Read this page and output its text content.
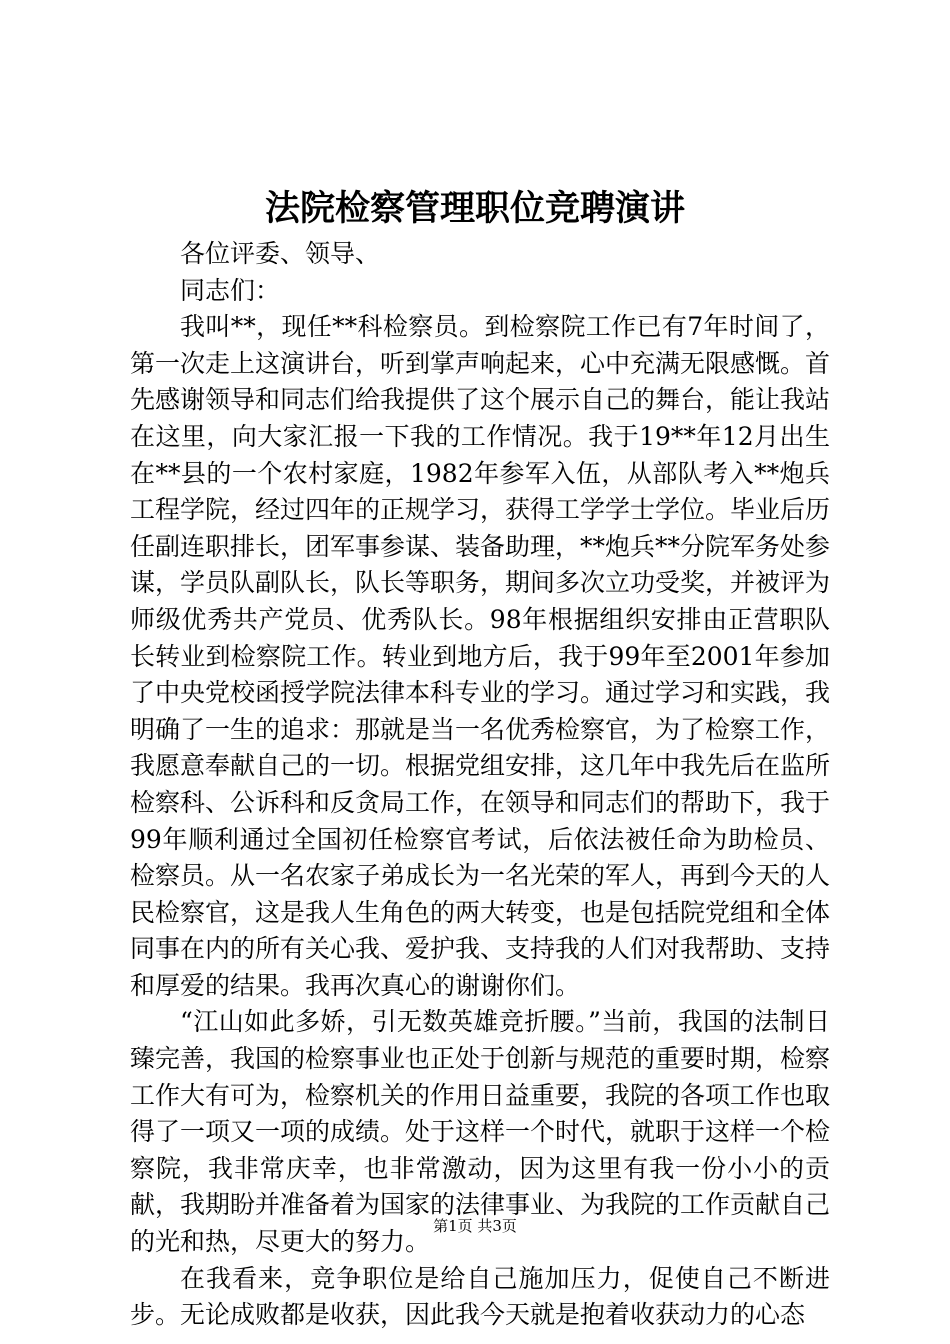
法院检察管理职位竞聘演讲

各位评委、领导、

同志们：

我叫**，现任**科检察员。到检察院工作已有7年时间了，第一次走上这演讲台，听到掌声响起来，心中充满无限感慨。首先感谢领导和同志们给我提供了这个展示自己的舞台，能让我站在这里，向大家汇报一下我的工作情况。我于19**年12月出生在**县的一个农村家庭，1982年参军入伍，从部队考入**炮兵工程学院，经过四年的正规学习，获得工学学士学位。毕业后历任副连职排长，团军事参谋、装备助理，**炮兵**分院军务处参谋，学员队副队长，队长等职务，期间多次立功受奖，并被评为师级优秀共产党员、优秀队长。98年根据组织安排由正营职队长转业到检察院工作。转业到地方后，我于99年至2001年参加了中央党校函授学院法律本科专业的学习。通过学习和实践，我明确了一生的追求：那就是当一名优秀检察官，为了检察工作，我愿意奉献自己的一切。根据党组安排，这几年中我先后在监所检察科、公诉科和反贪局工作，在领导和同志们的帮助下，我于99年顺利通过全国初任检察官考试，后依法被任命为助检员、检察员。从一名农家子弟成长为一名光荣的军人，再到今天的人民检察官，这是我人生角色的两大转变，也是包括院党组和全体同事在内的所有关心我、爱护我、支持我的人们对我帮助、支持和厚爱的结果。我再次真心的谢谢你们。

“江山如此多娇，引无数英雄竞折腰。”当前，我国的法制日臻完善，我国的检察事业也正处于创新与规范的重要时期，检察工作大有可为，检察机关的作用日益重要，我院的各项工作也取得了一项又一项的成绩。处于这样一个时代，就职于这样一个检察院，我非常庆幸，也非常激动，因为这里有我一份小小的贡献，我期盼并准备着为国家的法律事业、为我院的工作贡献自己的光和热，尽更大的努力。

在我看来，竞争职位是给自己施加压力，促使自己不断进步。无论成败都是收获，因此我今天就是抱着收获动力的心态

第1页 共3页
